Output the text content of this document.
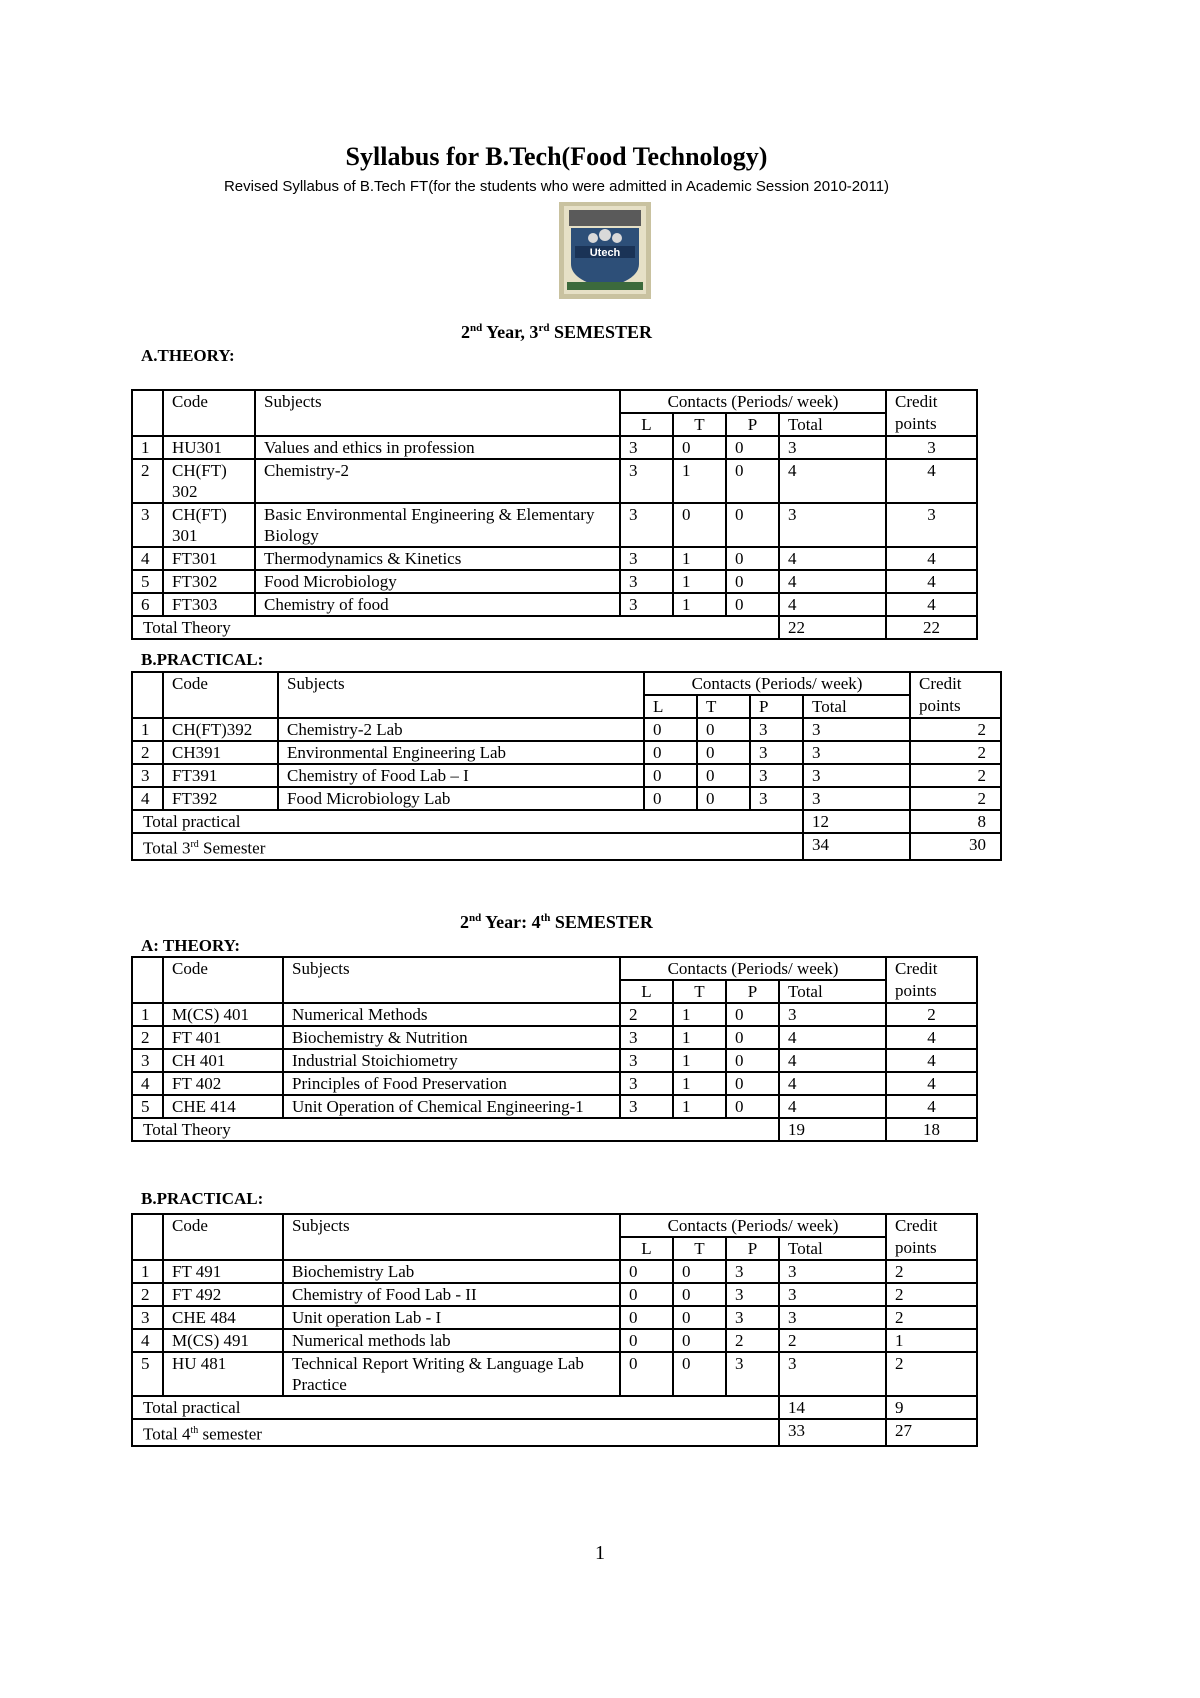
Syllabus for B.Tech(Food Technology)
Revised Syllabus of B.Tech FT(for the students who were admitted in Academic Session 2010-2011)
Utech
2nd Year, 3rd SEMESTER
A.THEORY:
	Code	Subjects	Contacts (Periods/ week)				Credit
			L	T	P	Total	points
1	HU301	Values and ethics in profession	3	0	0	3	3
2	CH(FT) 302	Chemistry-2	3	1	0	4	4
3	CH(FT) 301	Basic Environmental Engineering & Elementary Biology	3	0	0	3	3
4	FT301	Thermodynamics & Kinetics	3	1	0	4	4
5	FT302	Food Microbiology	3	1	0	4	4
6	FT303	Chemistry of food	3	1	0	4	4
Total Theory						22	22
B.PRACTICAL:
	Code	Subjects	Contacts (Periods/ week)				Credit
			L	T	P	Total	points
1	CH(FT)392	Chemistry-2 Lab	0	0	3	3	2
2	CH391	Environmental Engineering Lab	0	0	3	3	2
3	FT391	Chemistry of Food Lab – I	0	0	3	3	2
4	FT392	Food Microbiology Lab	0	0	3	3	2
Total practical						12	8
Total 3rd Semester						34	30
2nd Year: 4th SEMESTER
A: THEORY:
	Code	Subjects	Contacts (Periods/ week)				Credit
			L	T	P	Total	points
1	M(CS) 401	Numerical Methods	2	1	0	3	2
2	FT 401	Biochemistry & Nutrition	3	1	0	4	4
3	CH 401	Industrial Stoichiometry	3	1	0	4	4
4	FT 402	Principles of Food Preservation	3	1	0	4	4
5	CHE 414	Unit Operation of Chemical Engineering-1	3	1	0	4	4
Total Theory						19	18
B.PRACTICAL:
	Code	Subjects	Contacts (Periods/ week)				Credit
			L	T	P	Total	points
1	FT 491	Biochemistry Lab	0	0	3	3	2
2	FT 492	Chemistry of Food Lab - II	0	0	3	3	2
3	CHE 484	Unit operation Lab - I	0	0	3	3	2
4	M(CS) 491	Numerical methods lab	0	0	2	2	1
5	HU 481	Technical Report Writing & Language Lab Practice	0	0	3	3	2
Total practical						14	9
Total 4th semester						33	27
1
